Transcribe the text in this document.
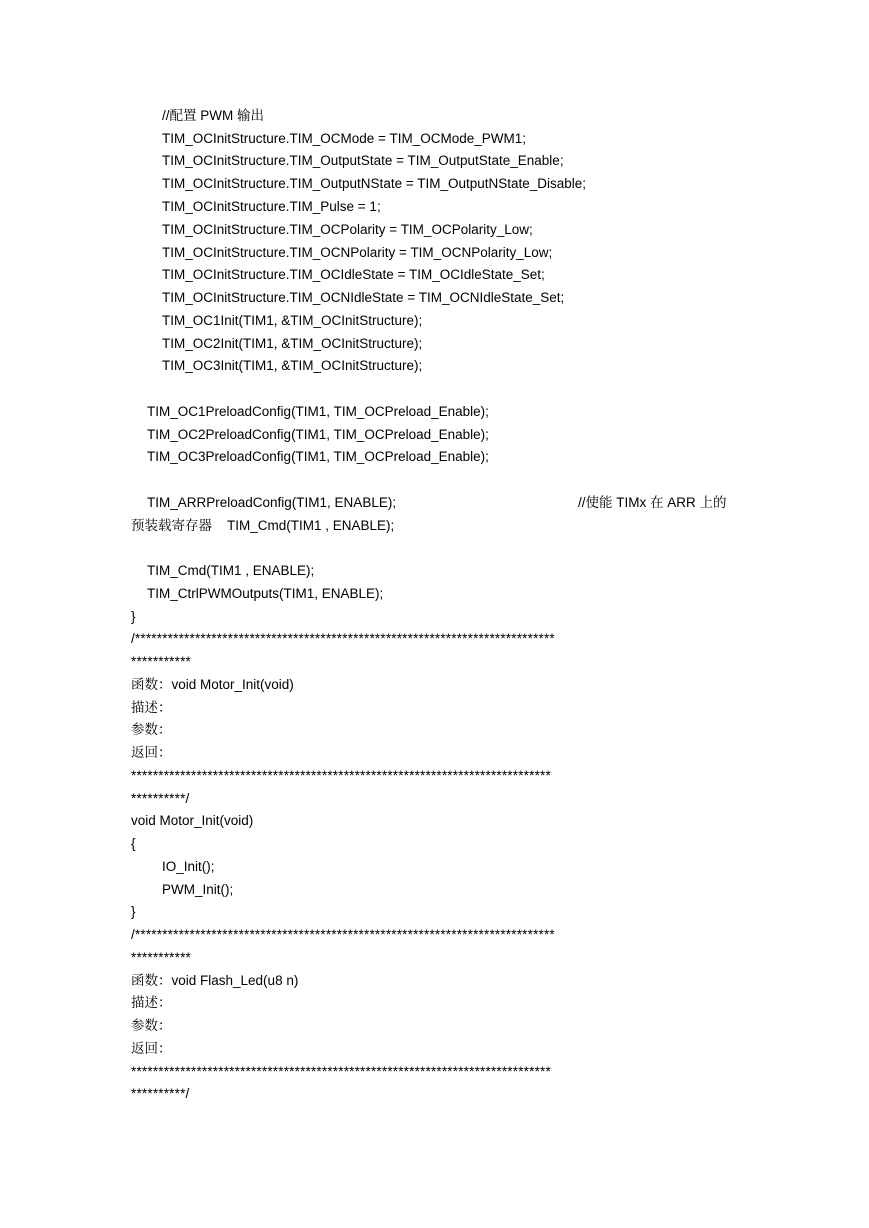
//配置 PWM 输出
TIM_OCInitStructure.TIM_OCMode = TIM_OCMode_PWM1;
TIM_OCInitStructure.TIM_OutputState = TIM_OutputState_Enable;
TIM_OCInitStructure.TIM_OutputNState = TIM_OutputNState_Disable;
TIM_OCInitStructure.TIM_Pulse = 1;
TIM_OCInitStructure.TIM_OCPolarity = TIM_OCPolarity_Low;
TIM_OCInitStructure.TIM_OCNPolarity = TIM_OCNPolarity_Low;
TIM_OCInitStructure.TIM_OCIdleState = TIM_OCIdleState_Set;
TIM_OCInitStructure.TIM_OCNIdleState = TIM_OCNIdleState_Set;
TIM_OC1Init(TIM1, &TIM_OCInitStructure);
TIM_OC2Init(TIM1, &TIM_OCInitStructure);
TIM_OC3Init(TIM1, &TIM_OCInitStructure);
TIM_OC1PreloadConfig(TIM1, TIM_OCPreload_Enable);
TIM_OC2PreloadConfig(TIM1, TIM_OCPreload_Enable);
TIM_OC3PreloadConfig(TIM1, TIM_OCPreload_Enable);
TIM_ARRPreloadConfig(TIM1, ENABLE);	//使能 TIMx 在 ARR 上的
预装载寄存器    TIM_Cmd(TIM1 , ENABLE);
TIM_Cmd(TIM1 , ENABLE);
TIM_CtrlPWMOutputs(TIM1, ENABLE);
}
/*****************************************************************************
***********
函数：void Motor_Init(void)
描述：
参数：
返回：
*****************************************************************************
**********/
void Motor_Init(void)
{
IO_Init();
PWM_Init();
}
/*****************************************************************************
***********
函数：void Flash_Led(u8 n)
描述：
参数：
返回：
*****************************************************************************
**********/
